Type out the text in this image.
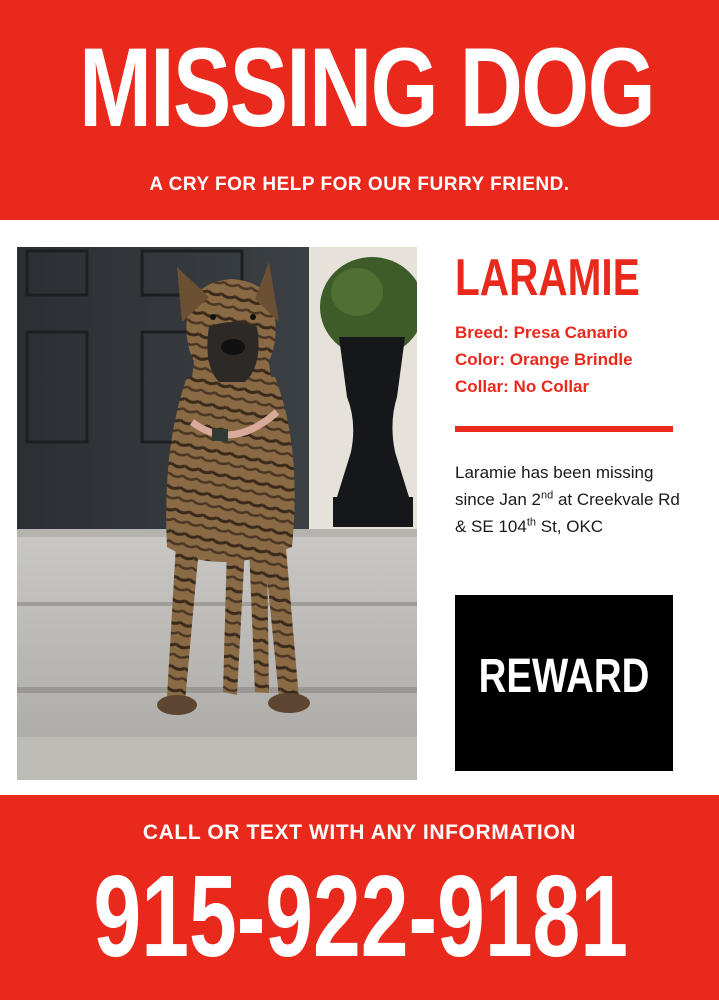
MISSING DOG
A CRY FOR HELP FOR OUR FURRY FRIEND.
LARAMIE
Breed: Presa Canario
Color: Orange Brindle
Collar: No Collar
Laramie has been missing since Jan 2nd at Creekvale Rd & SE 104th St, OKC
REWARD
CALL OR TEXT WITH ANY INFORMATION
915-922-9181
